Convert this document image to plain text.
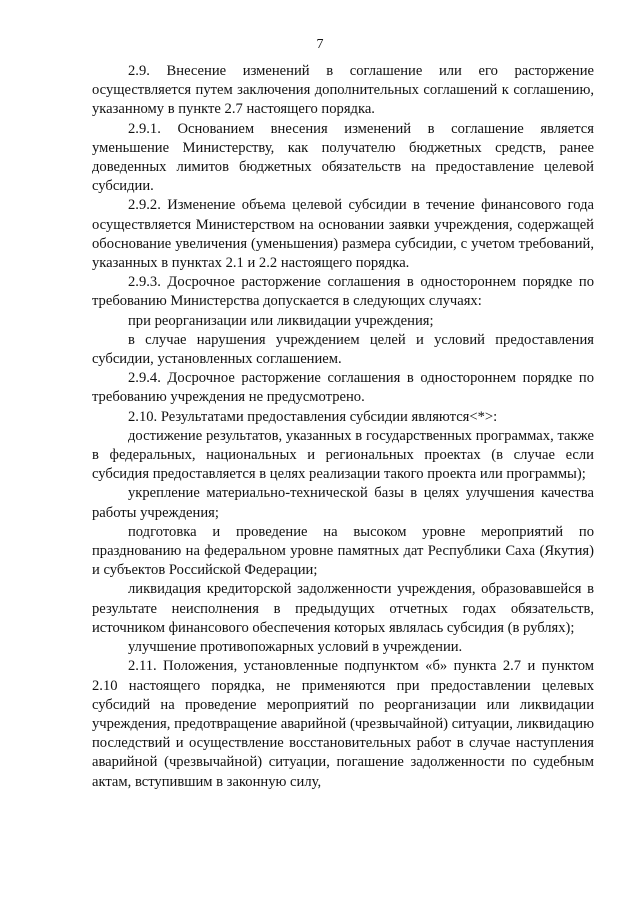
7

2.9. Внесение изменений в соглашение или его расторжение осуществляется путем заключения дополнительных соглашений к соглашению, указанному в пункте 2.7 настоящего порядка.

2.9.1. Основанием внесения изменений в соглашение является уменьшение Министерству, как получателю бюджетных средств, ранее доведенных лимитов бюджетных обязательств на предоставление целевой субсидии.

2.9.2. Изменение объема целевой субсидии в течение финансового года осуществляется Министерством на основании заявки учреждения, содержащей обоснование увеличения (уменьшения) размера субсидии, с учетом требований, указанных в пунктах 2.1 и 2.2 настоящего порядка.

2.9.3. Досрочное расторжение соглашения в одностороннем порядке по требованию Министерства допускается в следующих случаях:

при реорганизации или ликвидации учреждения;

в случае нарушения учреждением целей и условий предоставления субсидии, установленных соглашением.

2.9.4. Досрочное расторжение соглашения в одностороннем порядке по требованию учреждения не предусмотрено.

2.10. Результатами предоставления субсидии являются<*>:

достижение результатов, указанных в государственных программах, также в федеральных, национальных и региональных проектах (в случае если субсидия предоставляется в целях реализации такого проекта или программы);

укрепление материально-технической базы в целях улучшения качества работы учреждения;

подготовка и проведение на высоком уровне мероприятий по празднованию на федеральном уровне памятных дат Республики Саха (Якутия) и субъектов Российской Федерации;

ликвидация кредиторской задолженности учреждения, образовавшейся в результате неисполнения в предыдущих отчетных годах обязательств, источником финансового обеспечения которых являлась субсидия (в рублях);

улучшение противопожарных условий в учреждении.

2.11. Положения, установленные подпунктом «б» пункта 2.7 и пунктом 2.10 настоящего порядка, не применяются при предоставлении целевых субсидий на проведение мероприятий по реорганизации или ликвидации учреждения, предотвращение аварийной (чрезвычайной) ситуации, ликвидацию последствий и осуществление восстановительных работ в случае наступления аварийной (чрезвычайной) ситуации, погашение задолженности по судебным актам, вступившим в законную силу,
